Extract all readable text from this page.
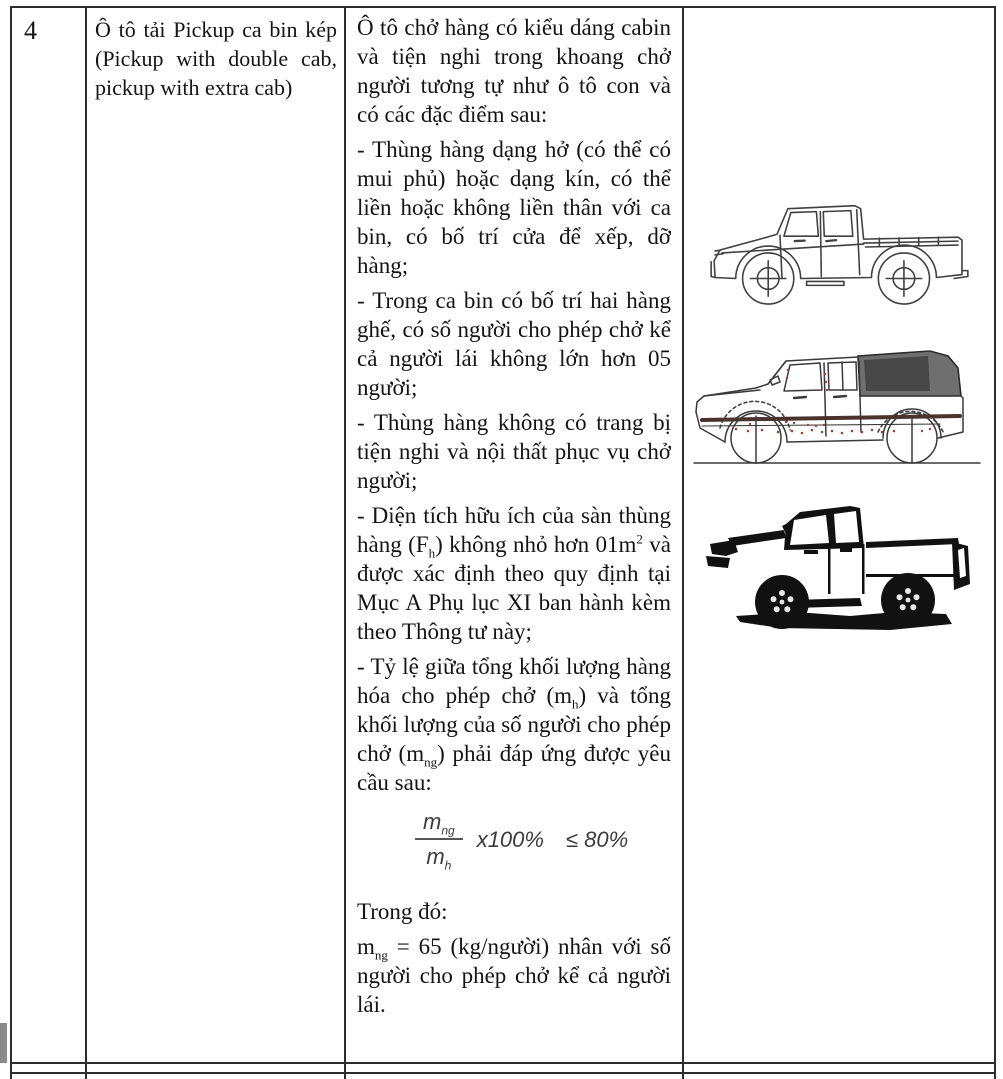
4	Ô tô tải Pickup ca bin kép (Pickup with double cab, pickup with extra cab)

Ô tô chở hàng có kiểu dáng cabin và tiện nghi trong khoang chở người tương tự như ô tô con và có các đặc điểm sau:

- Thùng hàng dạng hở (có thể có mui phủ) hoặc dạng kín, có thể liền hoặc không liền thân với ca bin, có bố trí cửa để xếp, dỡ hàng;

- Trong ca bin có bố trí hai hàng ghế, có số người cho phép chở kể cả người lái không lớn hơn 05 người;

- Thùng hàng không có trang bị tiện nghi và nội thất phục vụ chở người;

- Diện tích hữu ích của sàn thùng hàng $(F_h)$ không nhỏ hơn $01m^2$ và được xác định theo quy định tại Mục A Phụ lục XI ban hành kèm theo Thông tư này;

- Tỷ lệ giữa tổng khối lượng hàng hóa cho phép chở $(m_h)$ và tổng khối lượng của số người cho phép chở $(m_{ng})$ phải đáp ứng được yêu cầu sau:

$\frac{m_{ng}}{m_h} x100\% \le 80\%$

Trong đó:

$m_{ng} = 65$ (kg/người) nhân với số người cho phép chở kể cả người lái.
